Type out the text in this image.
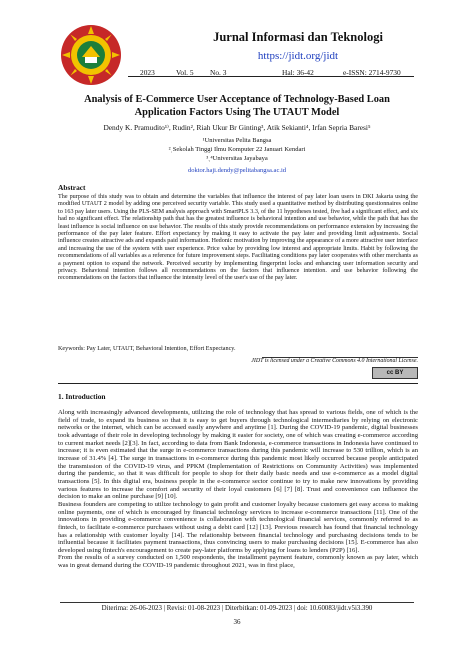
Jurnal Informasi dan Teknologi
https://jidt.org/jidt
2023	Vol. 5 No. 3	Hal: 36-42	e-ISSN: 2714-9730
Analysis of E-Commerce User Acceptance of Technology-Based Loan
Application Factors Using The UTAUT Model
Dendy K. Pramudito¹⁾, Rudin², Riah Ukur Br Ginting³, Atik Sekianti⁴, Irfan Sepria Baresi⁵
¹Universitas Pelita Bangsa
²ˌSekolah Tinggi Ilmu Komputer 22 Januari Kendari
³ˎ⁴Universitas Jayabaya
doktor.haji.dendy@pelitabangsa.ac.id
Abstract
The purpose of this study was to obtain and determine the variables that influence the interest of pay later loan users in DKI Jakarta using the modified UTAUT 2 model by adding one perceived security variable. This study used a quantitative method by distributing questionnaires online to 163 pay later users. Using the PLS-SEM analysis approach with SmartPLS 3.3, of the 11 hypotheses tested, five had a significant effect, and six had no significant effect. The relationship path that has the greatest influence is behavioral intention and use behavior, while the path that has the least influence is social influence on use behavior. The results of this study provide recommendations on performance extension by increasing the performance of the pay later feature. Effort expectancy by making it easy to activate the pay later and providing limit adjustments. Social influence creates attractive ads and expands paid information. Hedonic motivation by improving the appearance of a more attractive user interface and increasing the use of the system with user experience. Price value by providing low interest and appropriate limits. Habit by following the recommendations of all variables as a reference for future improvement steps. Facilitating conditions pay later cooperates with other merchants as a payment option to expand the network. Perceived security by implementing fingerprint locks and enhancing user information security and privacy. Behavioral intention follows all recommendations on the factors that influence intention. and use behavior following the recommendations on the factors that influence the intensity level of the user's use of the pay later.
Keywords: Pay Later, UTAUT, Behavioral Intention, Effort Expectancy.
JIDT is licensed under a Creative Commons 4.0 International License.
cc BY
1. Introduction

Along with increasingly advanced developments, utilizing the role of technology that has spread to various fields, one of which is the field of trade, to expand its business so that it is easy to get buyers through technological intermediaries by relying on electronic networks or the internet, which can be accessed easily anywhere and anytime [1]. During the COVID-19 pandemic, digital businesses took advantage of their role in developing technology by making it easier for society, one of which was creating e-commerce according to current market needs [2][3]. In fact, according to data from Bank Indonesia, e-commerce transactions in Indonesia have continued to increase; it is even estimated that the surge in e-commerce transactions during this pandemic will increase to 530 trillion, which is an increase of 31.4% [4]. The surge in transactions in e-commerce during this pandemic most likely occurred because people anticipated the transmission of the COVID-19 virus, and PPKM (Implementation of Restrictions on Community Activities) was implemented during the pandemic, so that it was difficult for people to shop for their daily basic needs and use e-commerce as a model digital transactions [5]. In this digital era, business people in the e-commerce sector continue to try to make new innovations by providing various features to increase the comfort and security of their loyal customers [6] [7] [8]. Trust and convenience can influence the decision to make an online purchase [9] [10].

Business founders are competing to utilize technology to gain profit and customer loyalty because customers get easy access to making online payments, one of which is encouraged by financial technology services to increase e-commerce transactions [11]. One of the innovations in providing e-commerce convenience is collaboration with technological financial services, commonly referred to as fintech, to facilitate e-commerce purchases without using a debit card [12] [13]. Previous research has found that financial technology has a relationship with customer loyalty [14]. The relationship between financial technology and purchasing decisions tends to be influential because it facilitates payment transactions, thus convincing users to make purchasing decisions [15]. E-commerce has also developed using fintech's encouragement to create pay-later platforms by applying for loans to lenders (P2P) [16].

From the results of a survey conducted on 1,500 respondents, the installment payment feature, commonly known as pay later, which was in great demand during the COVID-19 pandemic throughout 2021, was in first place,

Diterima: 26-06-2023 | Revisi: 01-08-2023 | Diterbitkan: 01-09-2023 | doi: 10.60083/jidt.v5i3.390
36
